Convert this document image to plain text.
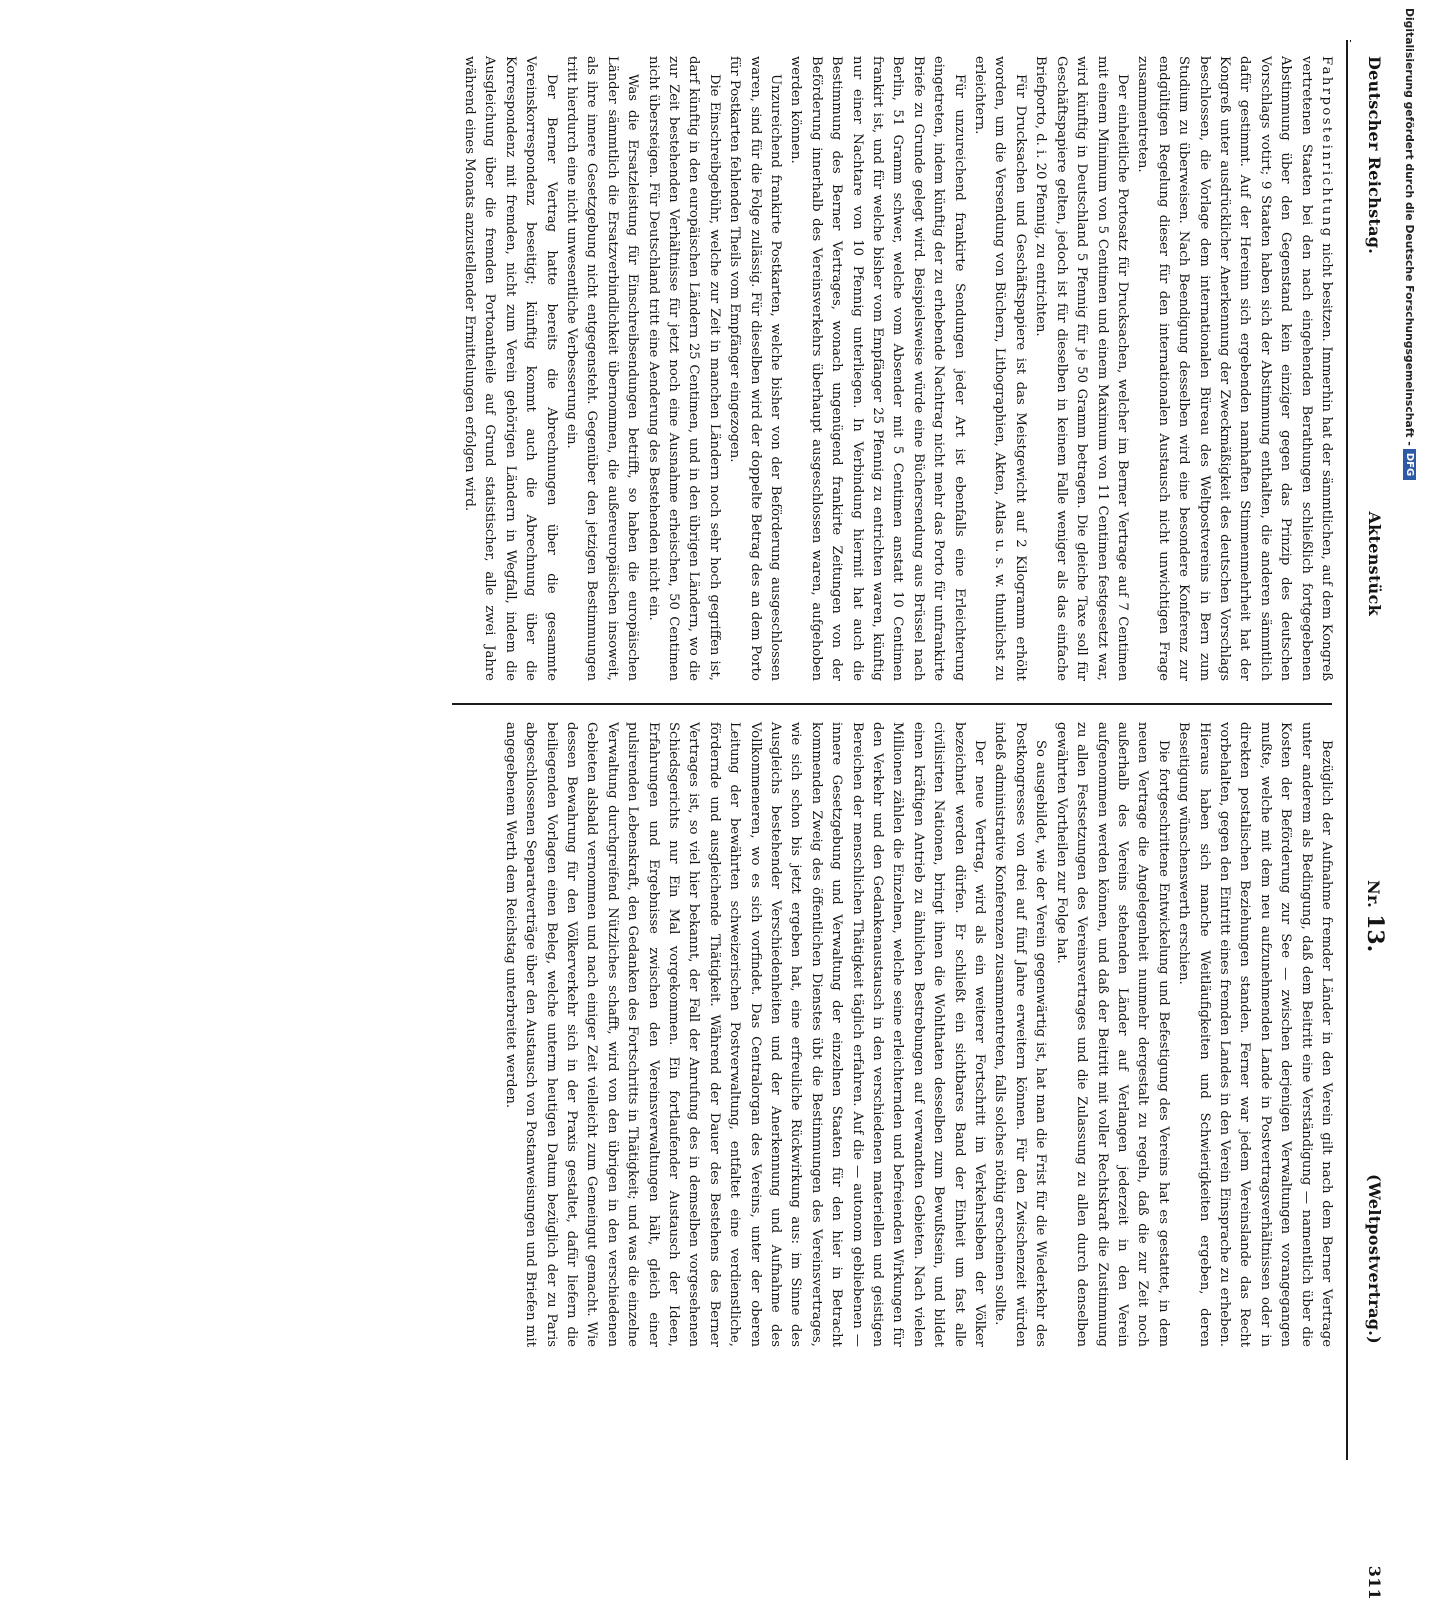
Deutscher Reichstag.
Aktenstück
Nr.
13.
(Weltpostvertrag.)
311

Fahrposteinrichtung nicht besitzen. Immerhin hat der sämmtlichen, auf dem Kongreß vertretenen Staaten bei den nach eingehenden Berathungen schließlich fortgegebenen Abstimmung über den Gegenstand kein einziger gegen das Prinzip des deutschen Vorschlags votirt; 9 Staaten haben sich der Abstimmung enthalten, die anderen sämmtlich dafür gestimmt. Auf der Hereinn sich ergebenden namhaften Stimmenmehrheit hat der Kongreß unter ausdrücklicher Anerkennung der Zweckmäßigkeit des deutschen Vorschlags beschlossen, die Vorlage dem internationalen Büreau des Weltpostvereins in Bern zum Studium zu überweisen. Nach Beendigung desselben wird eine besondere Konferenz zur endgültigen Regelung dieser für den internationalen Austausch nicht unwichtigen Frage zusammentreten.

Der einheitliche Portosatz für Drucksachen, welcher im Berner Vertrage auf 7 Centimen mit einem Minimum von 5 Centimen und einem Maximum von 11 Centimen festgesetzt war, wird künftig in Deutschland 5 Pfennig für je 50 Gramm betragen. Die gleiche Taxe soll für Geschäftspapiere gelten, jedoch ist für dieselben in keinem Falle weniger als das einfache Briefporto, d. i. 20 Pfennig, zu entrichten.

Für Drucksachen und Geschäftspapiere ist das Meistgewicht auf 2 Kilogramm erhöht worden, um die Versendung von Büchern, Lithographien, Akten, Atlas u. s. w. thunlichst zu erleichtern.

Für unzureichend frankirte Sendungen jeder Art ist ebenfalls eine Erleichterung eingetreten, indem künftig der zu erhebende Nachtrag nicht mehr das Porto für unfrankirte Briefe zu Grunde gelegt wird. Beispielsweise würde eine Büchersendung aus Brüssel nach Berlin, 51 Gramm schwer, welche vom Absender mit 5 Centimen anstatt 10 Centimen frankirt ist, und für welche bisher vom Empfänger 25 Pfennig zu entrichten waren, künftig nur einer Nachtare von 10 Pfennig unterliegen. In Verbindung hiermit hat auch die Bestimmung des Berner Vertrages, wonach ungenügend frankirte Zeitungen von der Beförderung innerhalb des Vereinsverkehrs überhaupt ausgeschlossen waren, aufgehoben werden können.

Unzureichend frankirte Postkarten, welche bisher von der Beförderung ausgeschlossen waren, sind für die Folge zulässig. Für dieselben wird der doppelte Betrag des an dem Porto für Postkarten fehlenden Theils vom Empfänger eingezogen.

Die Einschreibgebühr, welche zur Zeit in manchen Ländern noch sehr hoch gegriffen ist, darf künftig in den europäischen Ländern 25 Centimen, und in den übrigen Ländern, wo die zur Zeit bestehenden Verhältnisse für jetzt noch eine Ausnahme erheischen, 50 Centimen nicht übersteigen. Für Deutschland tritt eine Aenderung des Bestehenden nicht ein.

Was die Ersatzleistung für Einschreibsendungen betrifft, so haben die europäischen Länder sämmtlich die Ersatzverbindlichkeit übernommen, die außereuropäischen insoweit, als ihre innere Gesetzgebung nicht entgegensteht. Gegenüber den jetzigen Bestimmungen tritt hierdurch eine nicht unwesentliche Verbesserung ein.

Der Berner Vertrag hatte bereits die Abrechnungen über die gesammte Vereinskorrespondenz beseitigt; künftig kommt auch die Abrechnung über die Korrespondenz mit fremden, nicht zum Verein gehörigen Ländern in Wegfall, indem die Ausgleichung über die fremden Portoantheile auf Grund statistischer, alle zwei Jahre während eines Monats anzustellender Ermittelungen erfolgen wird.

Bezüglich der Aufnahme fremder Länder in den Verein gilt nach dem Berner Vertrage unter anderem als Bedingung, daß dem Beitritt eine Verständigung — namentlich über die Kosten der Beförderung zur See — zwischen derjenigen Verwaltungen vorangegangen mußte, welche mit dem neu aufzunehmenden Lande in Postvertragsverhältnissen oder in direkten postalischen Beziehungen standen. Ferner war jedem Vereinslande das Recht vorbehalten, gegen den Eintritt eines fremden Landes in den Verein Einsprache zu erheben. Hieraus haben sich manche Weitläufigkeiten und Schwierigkeiten ergeben, deren Beseitigung wünschenswerth erschien.

Die fortgeschrittene Entwickelung und Befestigung des Vereins hat es gestattet, in dem neuen Vertrage die Angelegenheit nunmehr dergestalt zu regeln, daß die zur Zeit noch außerhalb des Vereins stehenden Länder auf Verlangen jederzeit in den Verein aufgenommen werden können, und daß der Beitritt mit voller Rechtskraft die Zustimmung zu allen Festsetzungen des Vereinsvertrages und die Zulassung zu allen durch denselben gewährten Vortheilen zur Folge hat.

So ausgebildet, wie der Verein gegenwärtig ist, hat man die Frist für die Wiederkehr des Postkongresses von drei auf fünf Jahre erweitern können. Für den Zwischenzeit würden indeß administrative Konferenzen zusammentreten, falls solches nöthig erscheinen sollte.

Der neue Vertrag, wird als ein weiterer Fortschritt im Verkehrsleben der Völker bezeichnet werden dürfen. Er schließt ein sichtbares Band der Einheit um fast alle civilisirten Nationen, bringt ihnen die Wohlthaten desselben zum Bewußtsein, und bildet einen kräftigen Antrieb zu ähnlichen Bestrebungen auf verwandten Gebieten. Nach vielen Millionen zählen die Einzelnen, welche seine erleichternden und befreienden Wirkungen für den Verkehr und den Gedankenaustausch in den verschiedenen materiellen und geistigen Bereichen der menschlichen Thätigkeit täglich erfahren. Auf die — autonom gebliebenen — innere Gesetzgebung und Verwaltung der einzelnen Staaten für den hier in Betracht kommenden Zweig des öffentlichen Dienstes übt die Bestimmungen des Vereinsvertrages, wie sich schon bis jetzt ergeben hat, eine erfreuliche Rückwirkung aus: im Sinne des Ausgleichs bestehender Verschiedenheiten und der Anerkennung und Aufnahme des Vollkommeneren, wo es sich vorfindet. Das Centralorgan des Vereins, unter der oberen Leitung der bewährten schweizerischen Postverwaltung, entfaltet eine verdienstliche, fördernde und ausgleichende Thätigkeit. Während der Dauer des Bestehens des Berner Vertrages ist, so viel hier bekannt, der Fall der Anrufung des in demselben vorgesehenen Schiedsgerichts nur Ein Mal vorgekommen. Ein fortlaufender Austausch der Ideen, Erfahrungen und Ergebnisse zwischen den Vereinsverwaltungen hält, gleich einer pulsirenden Lebenskraft, den Gedanken des Fortschritts in Thätigkeit; und was die einzelne Verwaltung durchgreifend Nützliches schafft, wird von den übrigen in den verschiedenen Gebieten alsbald vernommen und nach einiger Zeit vielleicht zum Gemeingut gemacht. Wie dessen Bewahrung für den Völkerverkehr sich in der Praxis gestaltet, dafür liefern die beiliegenden Vorlagen einen Beleg, welche unterm heutigen Datum bezüglich der zu Paris abgeschlossenen Separatverträge über den Austausch von Postanweisungen und Briefen mit angegebenem Werth dem Reichstag unterbreitet werden.

Digitalisierung gefördert durch die Deutsche Forschungsgemeinschaft -
DFG
